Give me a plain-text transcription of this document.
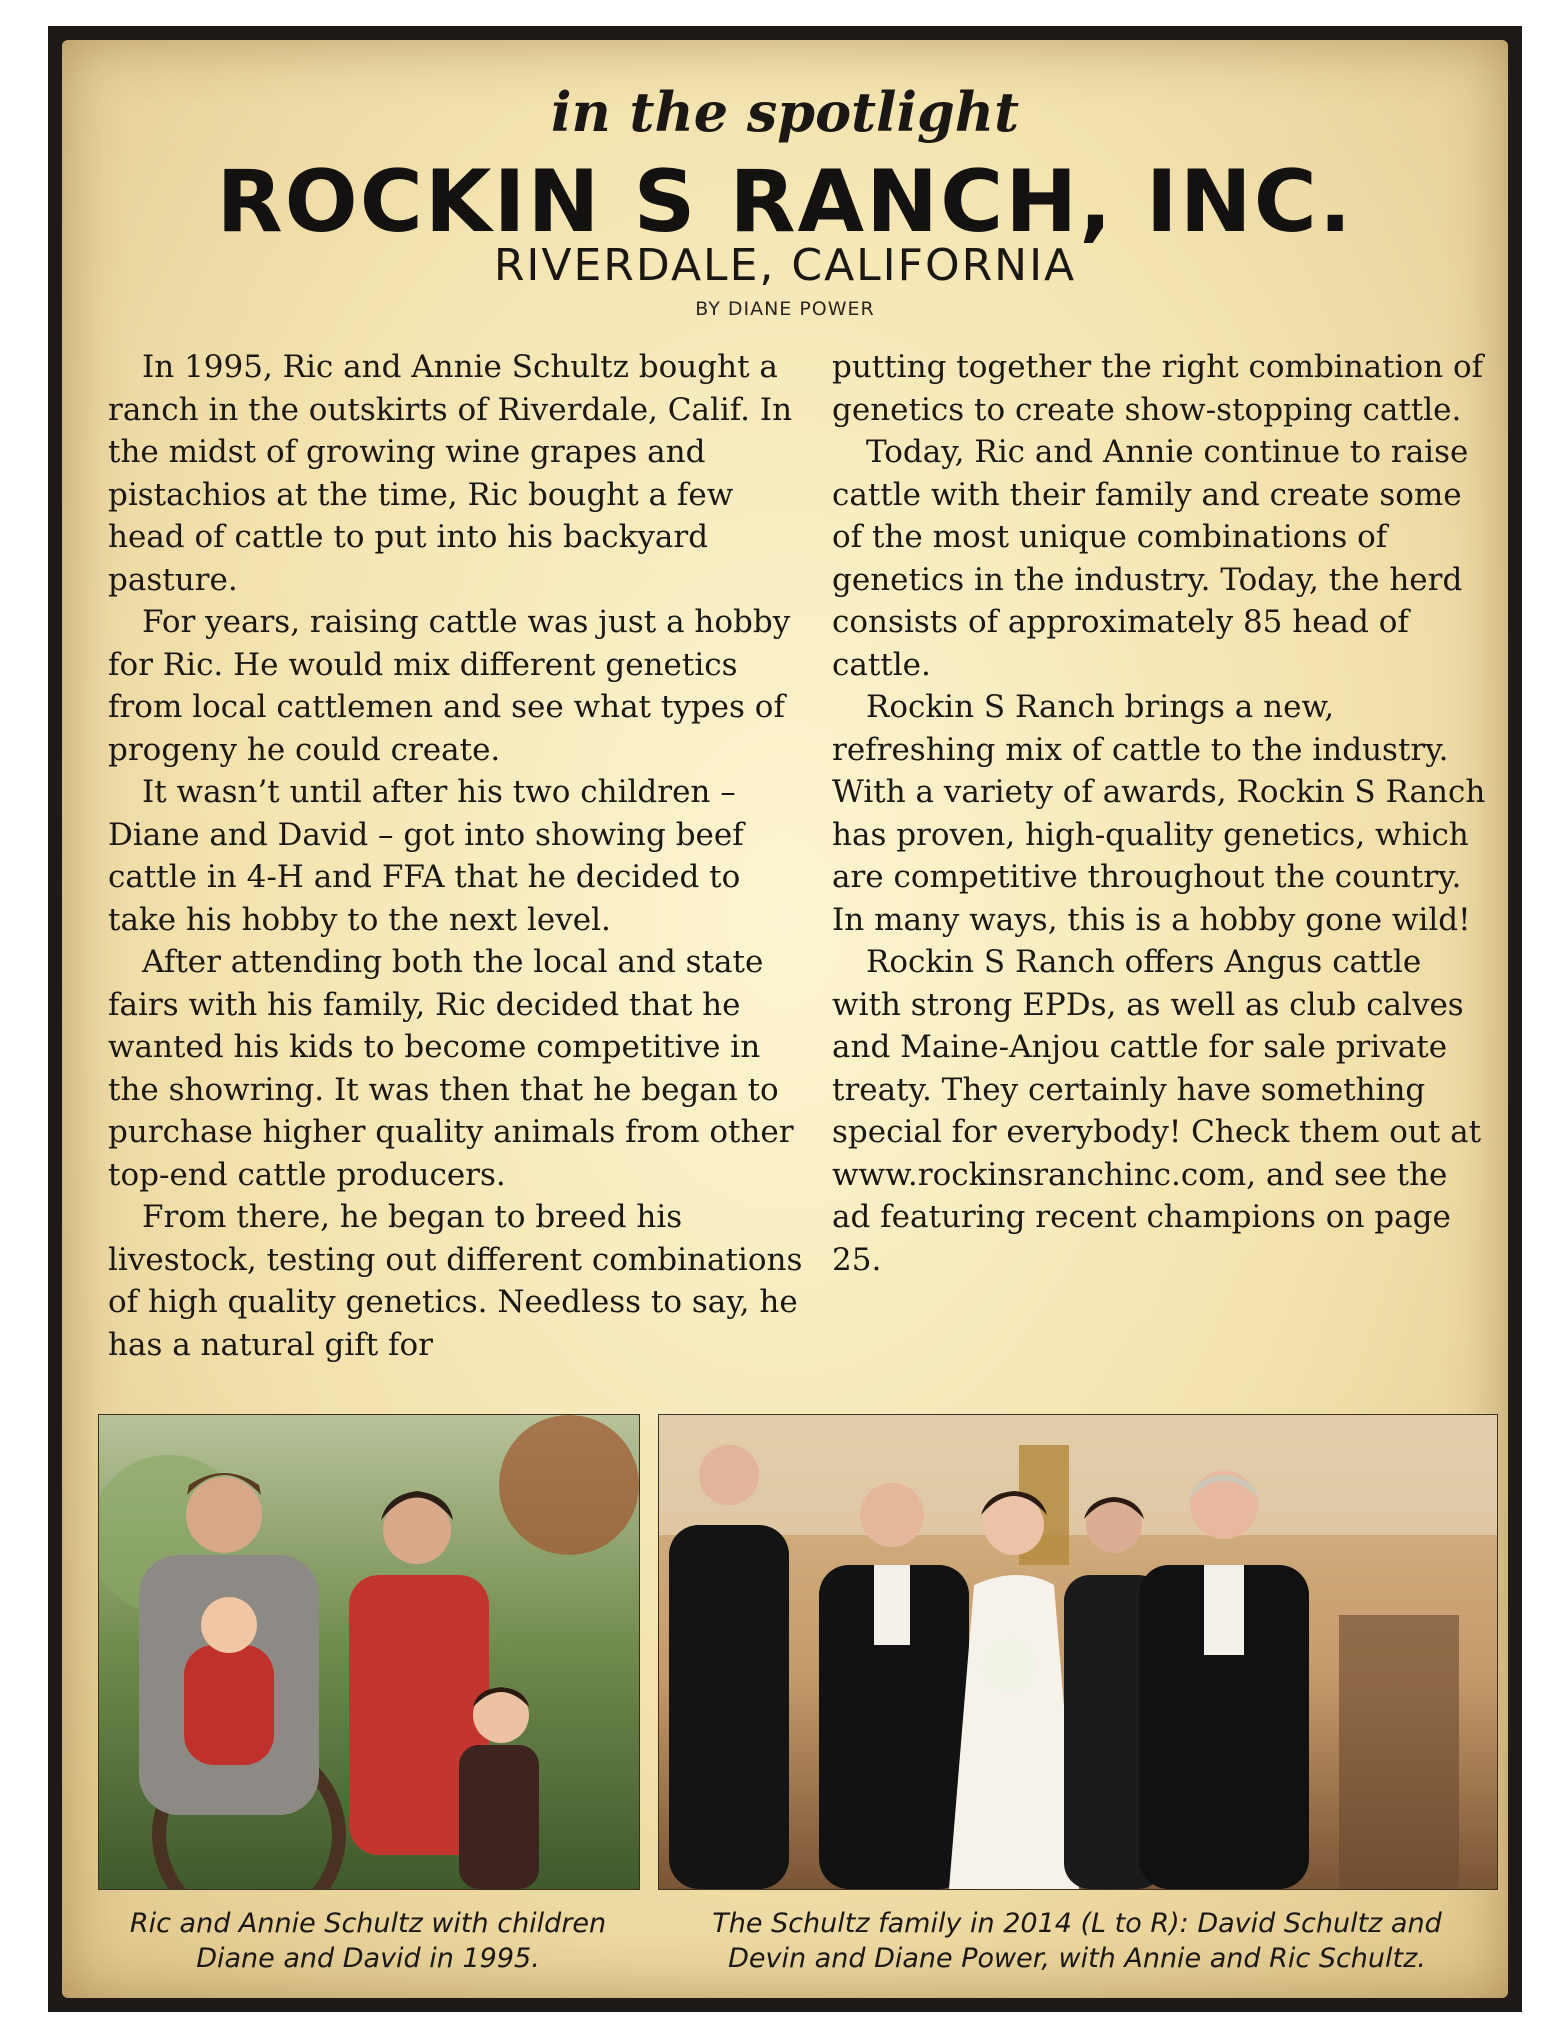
in the spotlight
ROCKIN S RANCH, INC.
RIVERDALE, CALIFORNIA
BY DIANE POWER

In 1995, Ric and Annie Schultz bought a ranch in the outskirts of Riverdale, Calif. In the midst of growing wine grapes and pistachios at the time, Ric bought a few head of cattle to put into his backyard pasture.

For years, raising cattle was just a hobby for Ric. He would mix different genetics from local cattlemen and see what types of progeny he could create.

It wasn’t until after his two children – Diane and David – got into showing beef cattle in 4-H and FFA that he decided to take his hobby to the next level.

After attending both the local and state fairs with his family, Ric decided that he wanted his kids to become competitive in the showring. It was then that he began to purchase higher quality animals from other top-end cattle producers.

From there, he began to breed his livestock, testing out different combinations of high quality genetics. Needless to say, he has a natural gift for

putting together the right combination of genetics to create show-stopping cattle.

Today, Ric and Annie continue to raise cattle with their family and create some of the most unique combinations of genetics in the industry. Today, the herd consists of approximately 85 head of cattle.

Rockin S Ranch brings a new, refreshing mix of cattle to the industry. With a variety of awards, Rockin S Ranch has proven, high-quality genetics, which are competitive throughout the country. In many ways, this is a hobby gone wild!

Rockin S Ranch offers Angus cattle with strong EPDs, as well as club calves and Maine-Anjou cattle for sale private treaty. They certainly have something special for everybody! Check them out at www.rockinsranchinc.com, and see the ad featuring recent champions on page 25.

Ric and Annie Schultz with children
Diane and David in 1995.
The Schultz family in 2014 (L to R): David Schultz and
Devin and Diane Power, with Annie and Ric Schultz.
